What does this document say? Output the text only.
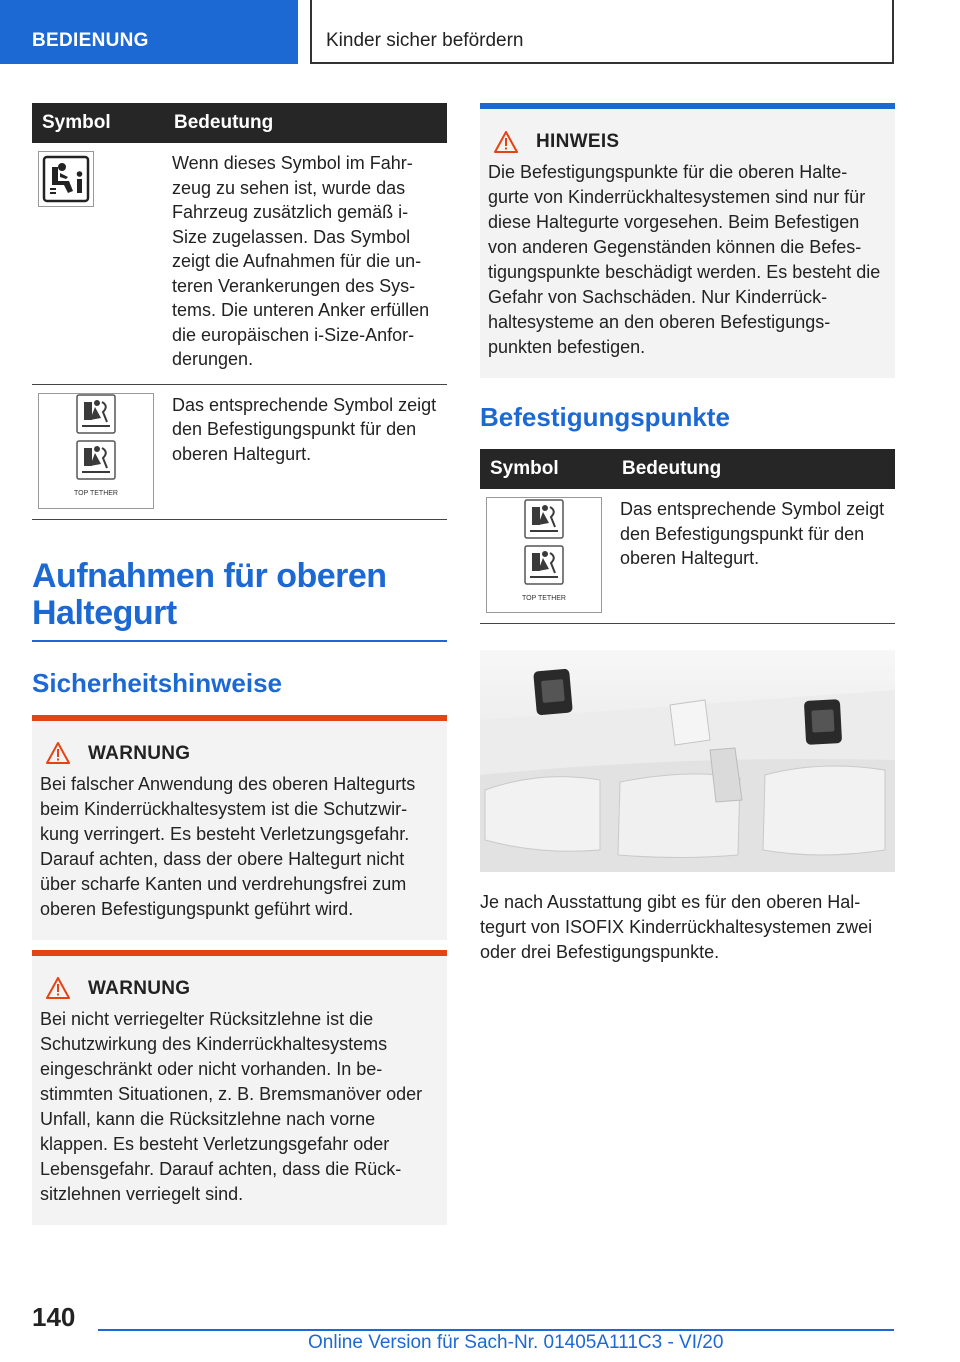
BEDIENUNG	Kinder sicher befördern
Symbol	Bedeutung

	Wenn dieses Symbol im Fahr-zeug zu sehen ist, wurde das Fahrzeug zusätzlich gemäß i-Size zugelassen. Das Symbol zeigt die Aufnahmen für die un-teren Verankerungen des Sys-tems. Die unteren Anker erfüllen die europäischen i-Size-Anfor-derungen.

TOP TETHER	Das entsprechende Symbol zeigt den Befestigungspunkt für den oberen Haltegurt.
Aufnahmen für oberen Haltegurt
Sicherheitshinweise
WARNUNG
Bei falscher Anwendung des oberen Haltegurts beim Kinderrückhaltesystem ist die Schutzwir-kung verringert. Es besteht Verletzungsgefahr. Darauf achten, dass der obere Haltegurt nicht über scharfe Kanten und verdrehungsfrei zum oberen Befestigungspunkt geführt wird.
WARNUNG
Bei nicht verriegelter Rücksitzlehne ist die Schutzwirkung des Kinderrückhaltesystems eingeschränkt oder nicht vorhanden. In be-stimmten Situationen, z. B. Bremsmanöver oder Unfall, kann die Rücksitzlehne nach vorne klappen. Es besteht Verletzungsgefahr oder Lebensgefahr. Darauf achten, dass die Rück-sitzlehnen verriegelt sind.
HINWEIS
Die Befestigungspunkte für die oberen Halte-gurte von Kinderrückhaltesystemen sind nur für diese Haltegurte vorgesehen. Beim Befestigen von anderen Gegenständen können die Befes-tigungspunkte beschädigt werden. Es besteht die Gefahr von Sachschäden. Nur Kinderrück-haltesysteme an den oberen Befestigungs-punkten befestigen.
Befestigungspunkte
Symbol	Bedeutung

TOP TETHER	Das entsprechende Symbol zeigt den Befestigungspunkt für den oberen Haltegurt.
Je nach Ausstattung gibt es für den oberen Hal-tegurt von ISOFIX Kinderrückhaltesystemen zwei oder drei Befestigungspunkte.
140
Online Version für Sach-Nr. 01405A111C3 - VI/20
